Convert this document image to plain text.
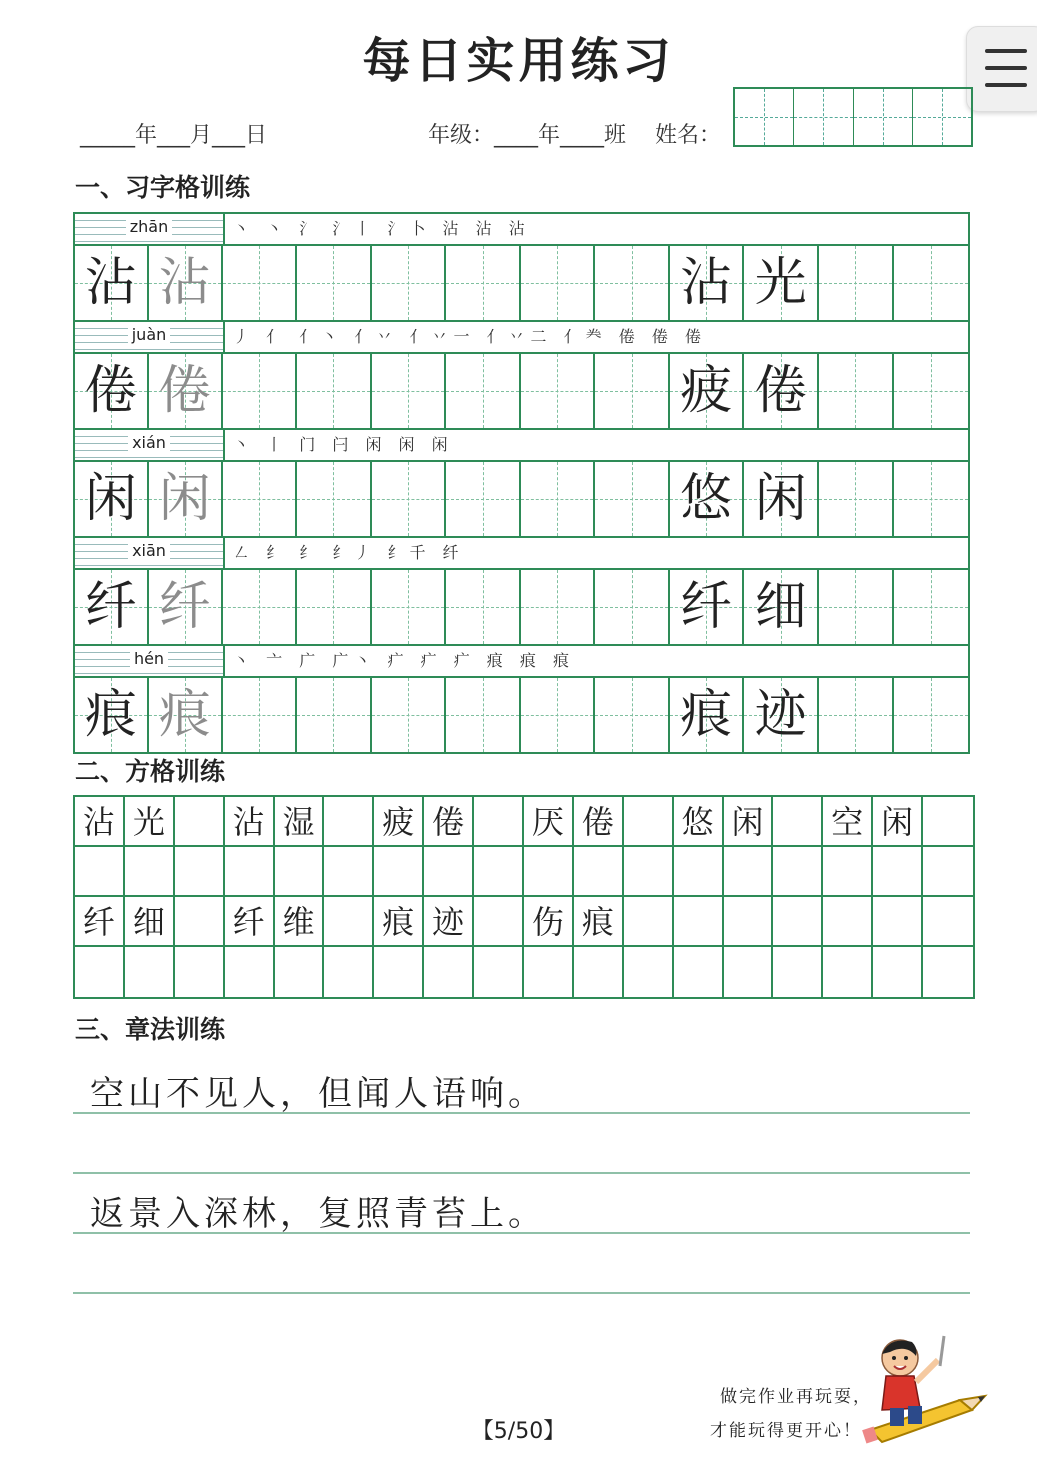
每日实用练习
_____年___月___日	年级：____年____班 姓名：
一、习字格训练
zhān	丶 丶 氵 氵丨 氵卜 沾 沾 沾
沾 沾	沾 光
juàn	丿 亻 亻丶 亻丷 亻丷一 亻丷二 亻龹 倦 倦 倦
倦 倦	疲 倦
xián	丶 丨 门 闩 闲 闲 闲
闲 闲	悠 闲
xiān	㇜ 纟 纟 纟丿 纟千 纤
纤 纤	纤 细
hén	丶 亠 广 广丶 疒 疒 疒 痕 痕 痕
痕 痕	痕 迹
二、方格训练
沾 光	沾 湿	疲 倦	厌 倦	悠 闲	空 闲
纤 细	纤 维	痕 迹	伤 痕
三、章法训练
空山不见人，但闻人语响。
返景入深林，复照青苔上。
做完作业再玩耍，
才能玩得更开心！
【5/50】
